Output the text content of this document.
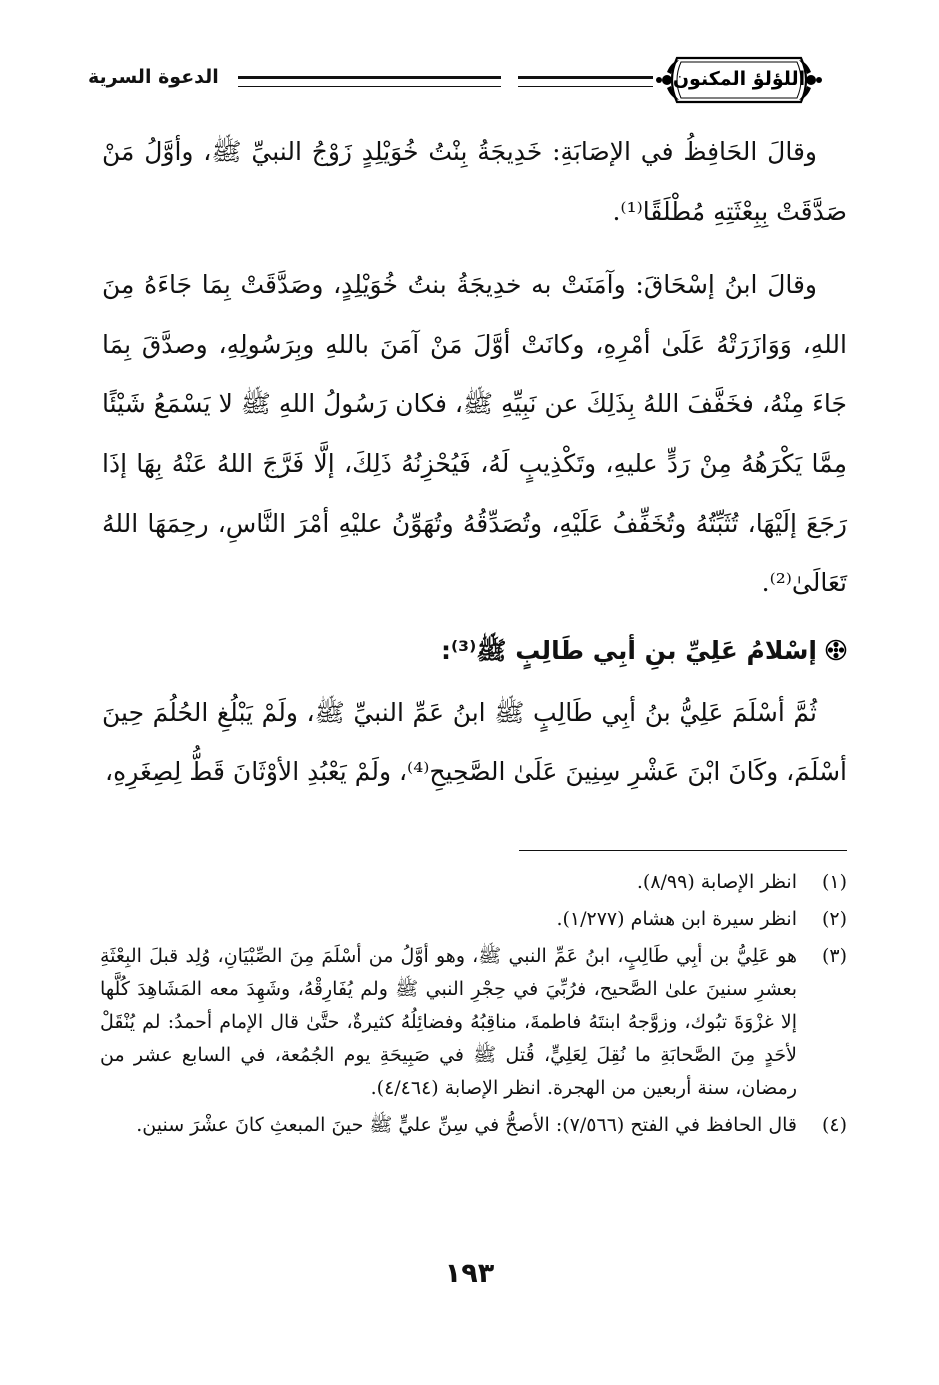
اللؤلؤ المكنون
الدعوة السرية

وقالَ الحَافِظُ في الإصَابَةِ: خَدِيجَةُ بِنْتُ خُوَيْلِدٍ زَوْجُ النبيِّ ﷺ، وأوَّلُ مَنْ صَدَّقَتْ بِبِعْثَتِهِ مُطْلَقًا⁽¹⁾.

وقالَ ابنُ إسْحَاقَ: وآمَنَتْ به خدِيجَةُ بنتُ خُوَيْلِدٍ، وصَدَّقَتْ بِمَا جَاءَهُ مِنَ اللهِ، وَوَازَرَتْهُ عَلَىٰ أمْرِهِ، وكانَتْ أوَّلَ مَنْ آمَنَ باللهِ وبِرَسُولِهِ، وصدَّقَ بِمَا جَاءَ مِنْهُ، فخَفَّفَ اللهُ بِذَلِكَ عن نَبِيِّهِ ﷺ، فكان رَسُولُ اللهِ ﷺ لا يَسْمَعُ شَيْئًا مِمَّا يَكْرَهُهُ مِنْ رَدٍّ عليهِ، وتَكْذِيبٍ لَهُ، فَيُحْزِنُهُ ذَلِكَ، إلَّا فَرَّجَ اللهُ عَنْهُ بِهَا إذَا رَجَعَ إلَيْهَا، تُثَبِّتُهُ وتُخَفِّفُ عَلَيْهِ، وتُصَدِّقُهُ وتُهَوِّنُ عليْهِ أمْرَ النَّاسِ، رحِمَهَا اللهُ تَعَالَىٰ⁽²⁾.

إسْلامُ عَلِيِّ بنِ أبِي طَالِبٍ ﷺ⁽³⁾:

ثُمَّ أسْلَمَ عَلِيُّ بنُ أبِي طَالِبٍ ﷺ ابنُ عَمِّ النبيِّ ﷺ، ولَمْ يَبْلُغِ الحُلُمَ حِينَ أسْلَمَ، وكَانَ ابْنَ عَشْرِ سِنِينَ عَلَىٰ الصَّحِيحِ⁽⁴⁾، ولَمْ يَعْبُدِ الأوْثَانَ قَطُّ لِصِغَرِهِ،

(١)
انظر الإصابة (٨/٩٩).

(٢)
انظر سيرة ابن هشام (١/٢٧٧).

(٣)
هو عَلِيُّ بن أبِي طَالِبٍ، ابنُ عَمِّ النبي ﷺ، وهو أوَّلُ من أسْلَمَ مِنَ الصِّبْيَانِ، وُلِد قبلَ البِعْثَةِ بعشرِ سنينَ علىٰ الصَّحيح، فرُبِّيَ في حِجْرِ النبي ﷺ ولم يُفَارِقْهُ، وشَهِدَ معه المَشَاهِدَ كُلَّها إلا غزْوَةَ تبُوك، وزوَّجهُ ابنتَهُ فاطمةَ، مناقِبُهُ وفضائِلُهُ كثيرةٌ، حتَّىٰ قال الإمام أحمدُ: لم يُنْقَلْ لأحَدٍ مِنَ الصَّحابَةِ ما نُقِلَ لِعَلِيٍّ، قُتل ﷺ في صَبِيحَةِ يوم الجُمُعة، في السابع عشر من رمضان، سنة أربعين من الهجرة. انظر الإصابة (٤/٤٦٤).

(٤)
قال الحافظ في الفتح (٧/٥٦٦): الأصحُّ في سِنِّ عليٍّ ﷺ حينَ المبعثِ كانَ عشْرَ سنين.

١٩٣
